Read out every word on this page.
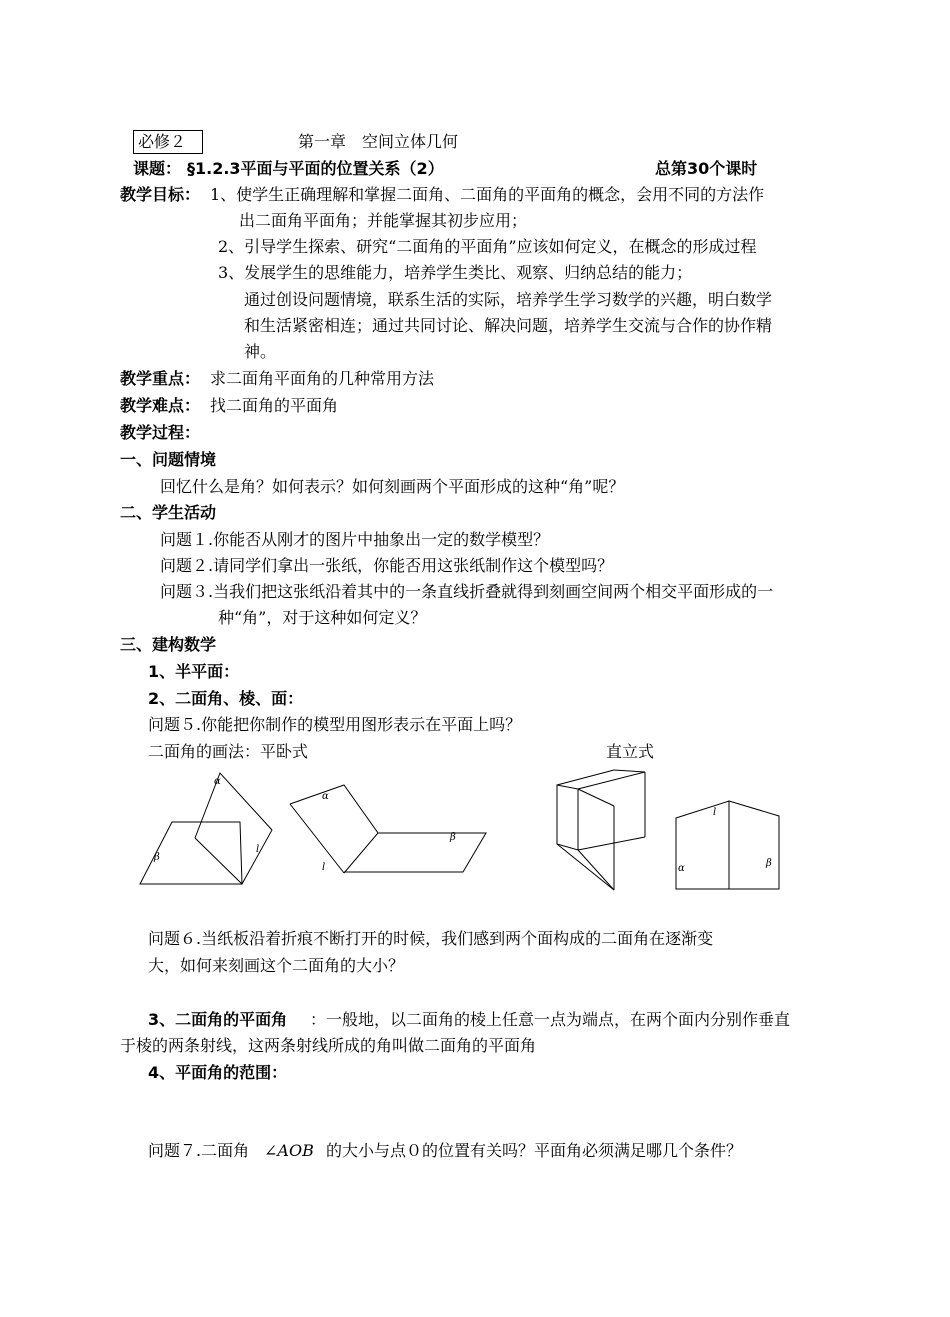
必修２	第一章　空间立体几何
课题： §1.2.3平面与平面的位置关系（2）	总第30个课时
教学目标： 1、使学生正确理解和掌握二面角、二面角的平面角的概念，会用不同的方法作
出二面角平面角；并能掌握其初步应用；
2、引导学生探索、研究“二面角的平面角”应该如何定义，在概念的形成过程
3、发展学生的思维能力，培养学生类比、观察、归纳总结的能力；
通过创设问题情境，联系生活的实际，培养学生学习数学的兴趣，明白数学
和生活紧密相连；通过共同讨论、解决问题，培养学生交流与合作的协作精
神。
教学重点： 求二面角平面角的几种常用方法
教学难点： 找二面角的平面角
教学过程：
一、问题情境
回忆什么是角？如何表示？如何刻画两个平面形成的这种“角”呢？
二、学生活动
问题１.你能否从刚才的图片中抽象出一定的数学模型？
问题２.请同学们拿出一张纸，你能否用这张纸制作这个模型吗？
问题３.当我们把这张纸沿着其中的一条直线折叠就得到刻画空间两个相交平面形成的一
种“角”，对于这种如何定义？
三、建构数学
1、半平面：
2、二面角、棱、面：
问题５.你能把你制作的模型用图形表示在平面上吗？
二面角的画法：平卧式	直立式
α
β
l
α
β
l
l
α	β
问题６.当纸板沿着折痕不断打开的时候，我们感到两个面构成的二面角在逐渐变
大，如何来刻画这个二面角的大小？
3、二面角的平面角 ：一般地，以二面角的棱上任意一点为端点，在两个面内分别作垂直
于棱的两条射线，这两条射线所成的角叫做二面角的平面角
4、平面角的范围：
问题７.二面角 ∠AOB 的大小与点０的位置有关吗？平面角必须满足哪几个条件？
